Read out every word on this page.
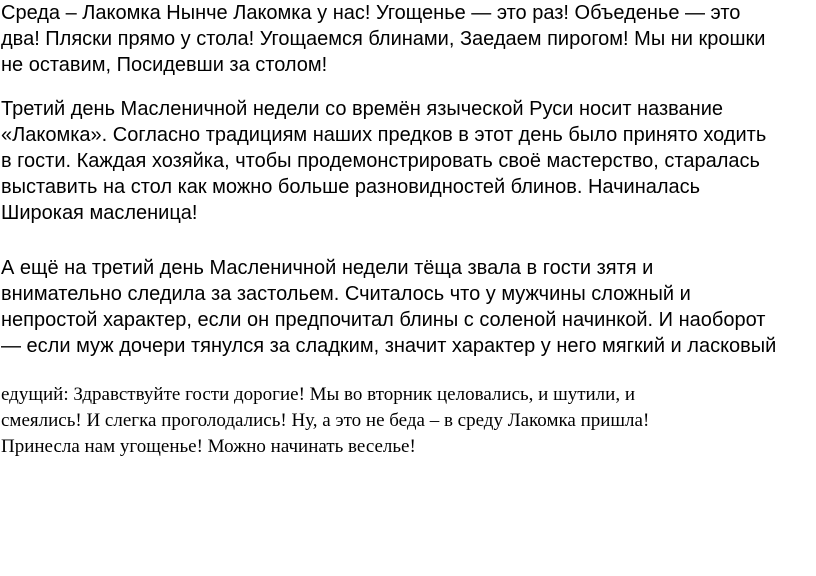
Среда – Лакомка Нынче Лакомка у нас! Угощенье — это раз! Объеденье — это
два! Пляски прямо у стола! Угощаемся блинами, Заедаем пирогом! Мы ни крошки
не оставим, Посидевши за столом!
Третий день Масленичной недели со времён языческой Руси носит название
«Лакомка». Согласно традициям наших предков в этот день было принято ходить
в гости. Каждая хозяйка, чтобы продемонстрировать своё мастерство, старалась
выставить на стол как можно больше разновидностей блинов. Начиналась
Широкая масленица!
А ещё на третий день Масленичной недели тёща звала в гости зятя и
внимательно следила за застольем. Считалось что у мужчины сложный и
непростой характер, если он предпочитал блины с соленой начинкой. И наоборот
— если муж дочери тянулся за сладким, значит характер у него мягкий и ласковый
едущий: Здравствуйте гости дорогие! Мы во вторник целовались, и шутили, и
смеялись! И слегка проголодались! Ну, а это не беда – в среду Лакомка пришла!
Принесла нам угощенье! Можно начинать веселье!
